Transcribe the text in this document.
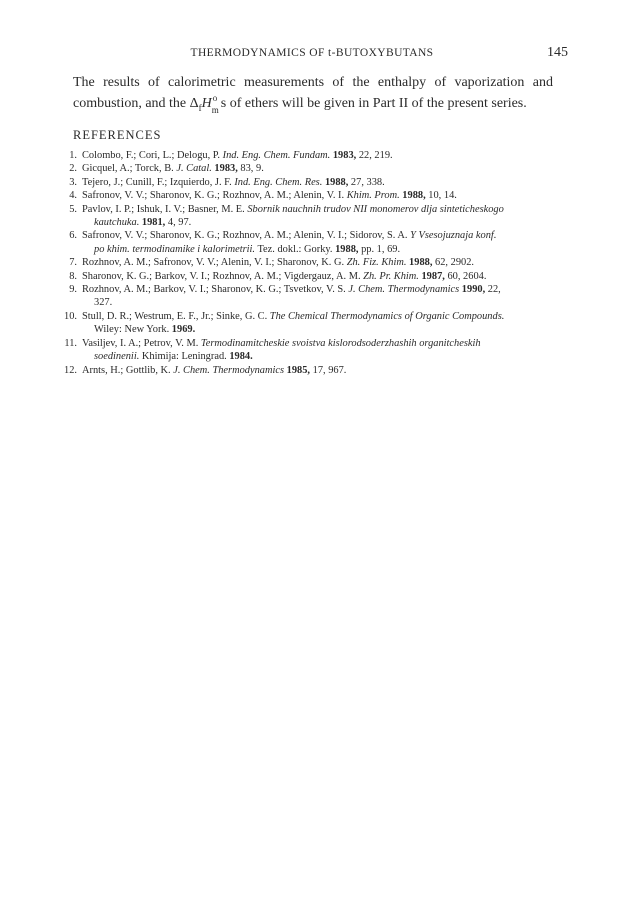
THERMODYNAMICS OF t-BUTOXYBUTANS	145

The results of calorimetric measurements of the enthalpy of vaporization and combustion, and the $\Delta_fH$ o
m s of ethers will be given in Part II of the present series.

REFERENCES
1. Colombo, F.; Cori, L.; Delogu, P. Ind. Eng. Chem. Fundam. 1983, 22, 219.
2. Gicquel, A.; Torck, B. J. Catal. 1983, 83, 9.
3. Tejero, J.; Cunill, F.; Izquierdo, J. F. Ind. Eng. Chem. Res. 1988, 27, 338.
4. Safronov, V. V.; Sharonov, K. G.; Rozhnov, A. M.; Alenin, V. I. Khim. Prom. 1988, 10, 14.
5. Pavlov, I. P.; Ishuk, I. V.; Basner, M. E. Sbornik nauchnih trudov NII monomerov dlja sinteticheskogo
kautchuka. 1981, 4, 97.
6. Safronov, V. V.; Sharonov, K. G.; Rozhnov, A. M.; Alenin, V. I.; Sidorov, S. A. Y Vsesojuznaja konf.
po khim. termodinamike i kalorimetrii. Tez. dokl.: Gorky. 1988, pp. 1, 69.
7. Rozhnov, A. M.; Safronov, V. V.; Alenin, V. I.; Sharonov, K. G. Zh. Fiz. Khim. 1988, 62, 2902.
8. Sharonov, K. G.; Barkov, V. I.; Rozhnov, A. M.; Vigdergauz, A. M. Zh. Pr. Khim. 1987, 60, 2604.
9. Rozhnov, A. M.; Barkov, V. I.; Sharonov, K. G.; Tsvetkov, V. S. J. Chem. Thermodynamics 1990, 22,
327.
10. Stull, D. R.; Westrum, E. F., Jr.; Sinke, G. C. The Chemical Thermodynamics of Organic Compounds.
Wiley: New York. 1969.
11. Vasiljev, I. A.; Petrov, V. M. Termodinamitcheskie svoistva kislorodsoderzhashih organitcheskih
soedinenii. Khimija: Leningrad. 1984.
12. Arnts, H.; Gottlib, K. J. Chem. Thermodynamics 1985, 17, 967.
